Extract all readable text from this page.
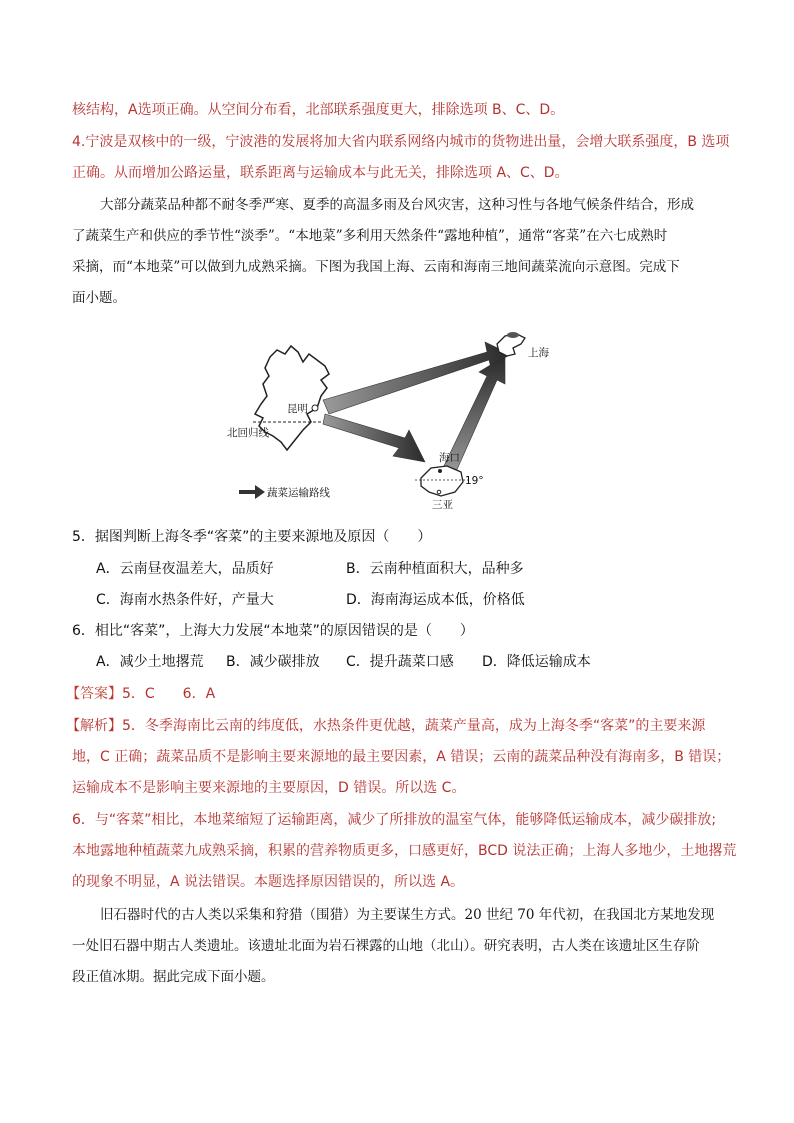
核结构，A选项正确。从空间分布看，北部联系强度更大，排除选项 B、C、D。
4.宁波是双核中的一级，宁波港的发展将加大省内联系网络内城市的货物进出量，会增大联系强度，B 选项
正确。从而增加公路运量，联系距离与运输成本与此无关，排除选项 A、C、D。
大部分蔬菜品种都不耐冬季严寒、夏季的高温多雨及台风灾害，这种习性与各地气候条件结合，形成
了蔬菜生产和供应的季节性“淡季”。“本地菜”多利用天然条件“露地种植”，通常“客菜”在六七成熟时
采摘，而“本地菜”可以做到九成熟采摘。下图为我国上海、云南和海南三地间蔬菜流向示意图。完成下
面小题。
昆明
上海
北回归线
海口
19°
三亚
蔬菜运输路线
5．据图判断上海冬季“客菜”的主要来源地及原因（　　）
A．云南昼夜温差大，品质好	B．云南种植面积大，品种多
C．海南水热条件好，产量大	D．海南海运成本低，价格低
6．相比“客菜”，上海大力发展“本地菜”的原因错误的是（　　）
A．减少土地撂荒 B．减少碳排放 C．提升蔬菜口感 D．降低运输成本
【答案】5．C　　6．A
【解析】5．冬季海南比云南的纬度低，水热条件更优越，蔬菜产量高，成为上海冬季“客菜”的主要来源
地，C 正确；蔬菜品质不是影响主要来源地的最主要因素，A 错误；云南的蔬菜品种没有海南多，B 错误；
运输成本不是影响主要来源地的主要原因，D 错误。所以选 C。
6．与“客菜”相比，本地菜缩短了运输距离，减少了所排放的温室气体，能够降低运输成本，减少碳排放;
本地露地种植蔬菜九成熟采摘，积累的营养物质更多，口感更好，BCD 说法正确；上海人多地少，土地撂荒
的现象不明显，A 说法错误。本题选择原因错误的，所以选 A。
旧石器时代的古人类以采集和狩猎（围猎）为主要谋生方式。20 世纪 70 年代初，在我国北方某地发现
一处旧石器中期古人类遗址。该遗址北面为岩石裸露的山地（北山）。研究表明，古人类在该遗址区生存阶
段正值冰期。据此完成下面小题。
